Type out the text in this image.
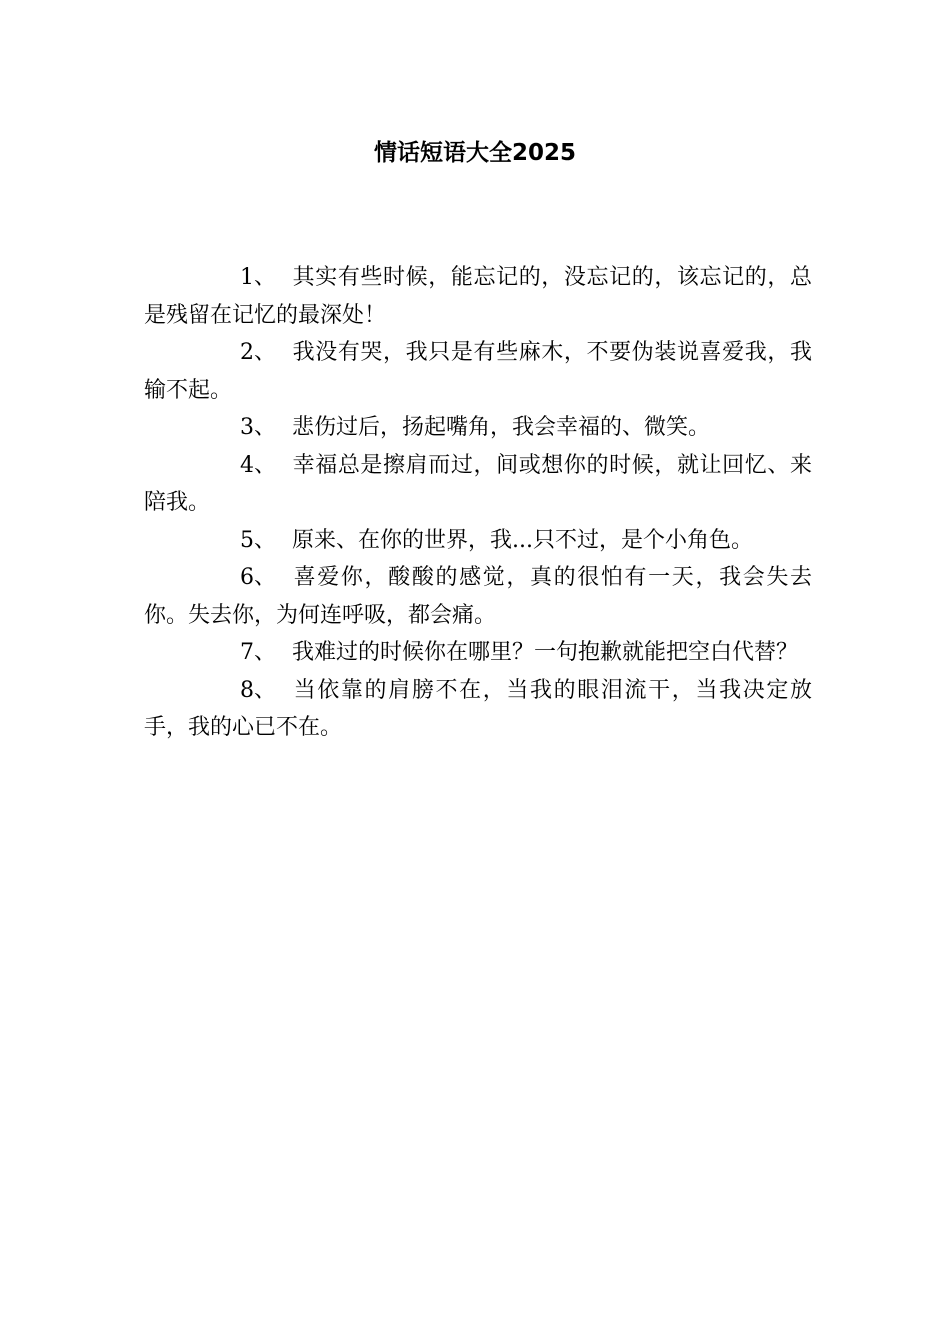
情话短语大全2025

1、 其实有些时候，能忘记的，没忘记的，该忘记的，总是残留在记忆的最深处！

2、 我没有哭，我只是有些麻木，不要伪装说喜爱我，我输不起。

3、 悲伤过后，扬起嘴角，我会幸福的、微笑。

4、 幸福总是擦肩而过，间或想你的时候，就让回忆、来陪我。

5、 原来、在你的世界，我...只不过，是个小角色。

6、 喜爱你，酸酸的感觉，真的很怕有一天，我会失去你。失去你，为何连呼吸，都会痛。

7、 我难过的时候你在哪里？一句抱歉就能把空白代替？

8、 当依靠的肩膀不在，当我的眼泪流干，当我决定放手，我的心已不在。
